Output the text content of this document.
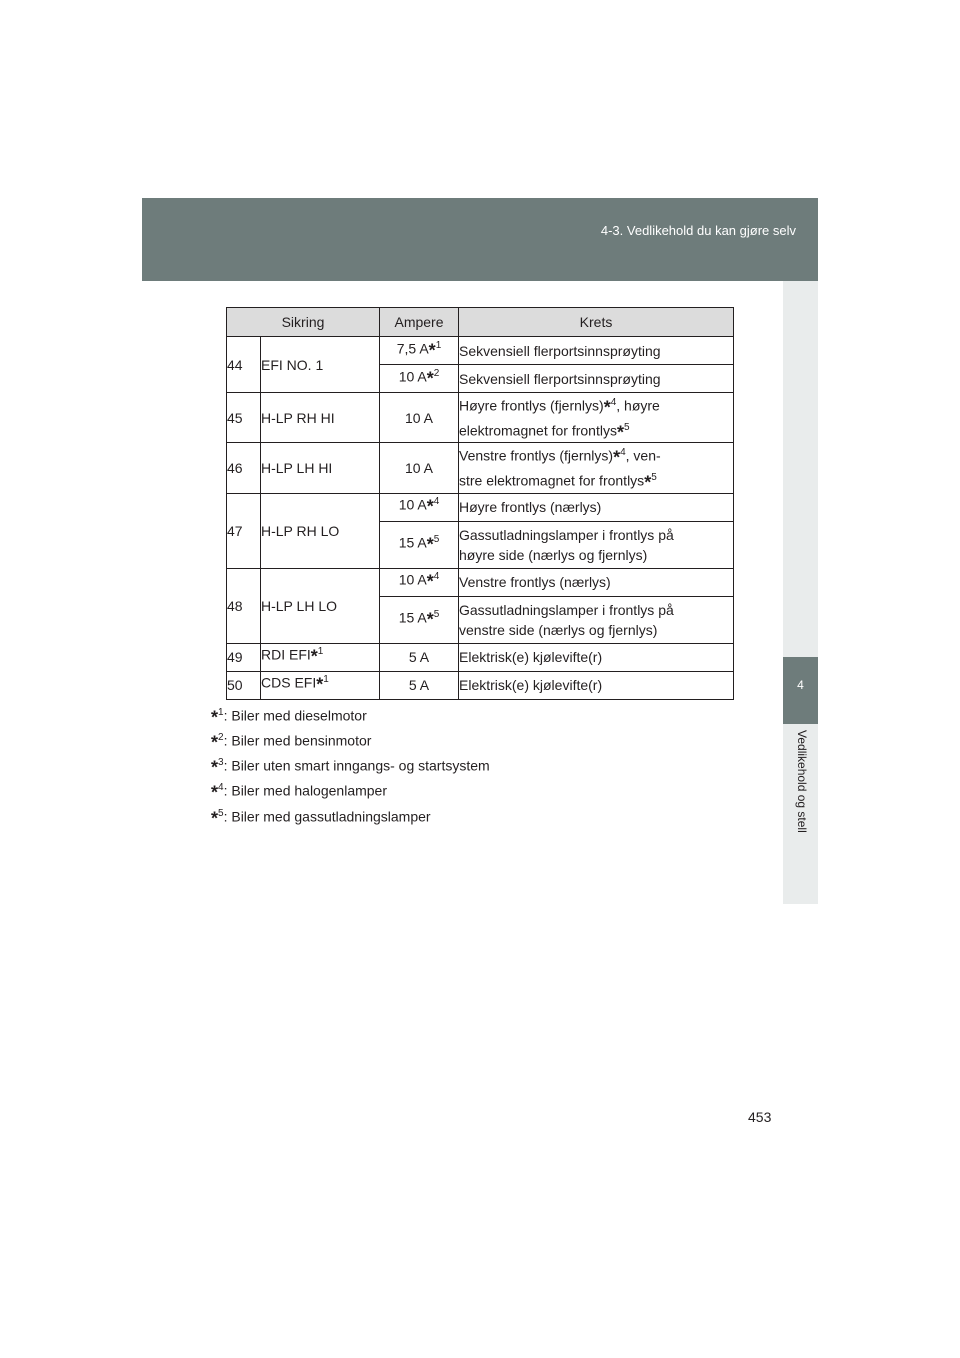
4-3. Vedlikehold du kan gjøre selv
4
Vedlikehold og stell
Sikring		Ampere	Krets
44	EFI NO. 1	7,5 A*$^1$	Sekvensiell flerportsinnsprøyting
		10 A*$^2$	Sekvensiell flerportsinnsprøyting
45	H-LP RH HI	10 A	Høyre frontlys (fjernlys)*$^4$, høyre
elektromagnet for frontlys*$^5$
46	H-LP LH HI	10 A	Venstre frontlys (fjernlys)*$^4$, ven-
stre elektromagnet for frontlys*$^5$
47	H-LP RH LO	10 A*$^4$	Høyre frontlys (nærlys)
		15 A*$^5$	Gassutladningslamper i frontlys på
høyre side (nærlys og fjernlys)
48	H-LP LH LO	10 A*$^4$	Venstre frontlys (nærlys)
		15 A*$^5$	Gassutladningslamper i frontlys på
venstre side (nærlys og fjernlys)
49	RDI EFI*$^1$	5 A	Elektrisk(e) kjølevifte(r)
50	CDS EFI*$^1$	5 A	Elektrisk(e) kjølevifte(r)
*$^1$: Biler med dieselmotor
*$^2$: Biler med bensinmotor
*$^3$: Biler uten smart inngangs- og startsystem
*$^4$: Biler med halogenlamper
*$^5$: Biler med gassutladningslamper
453
